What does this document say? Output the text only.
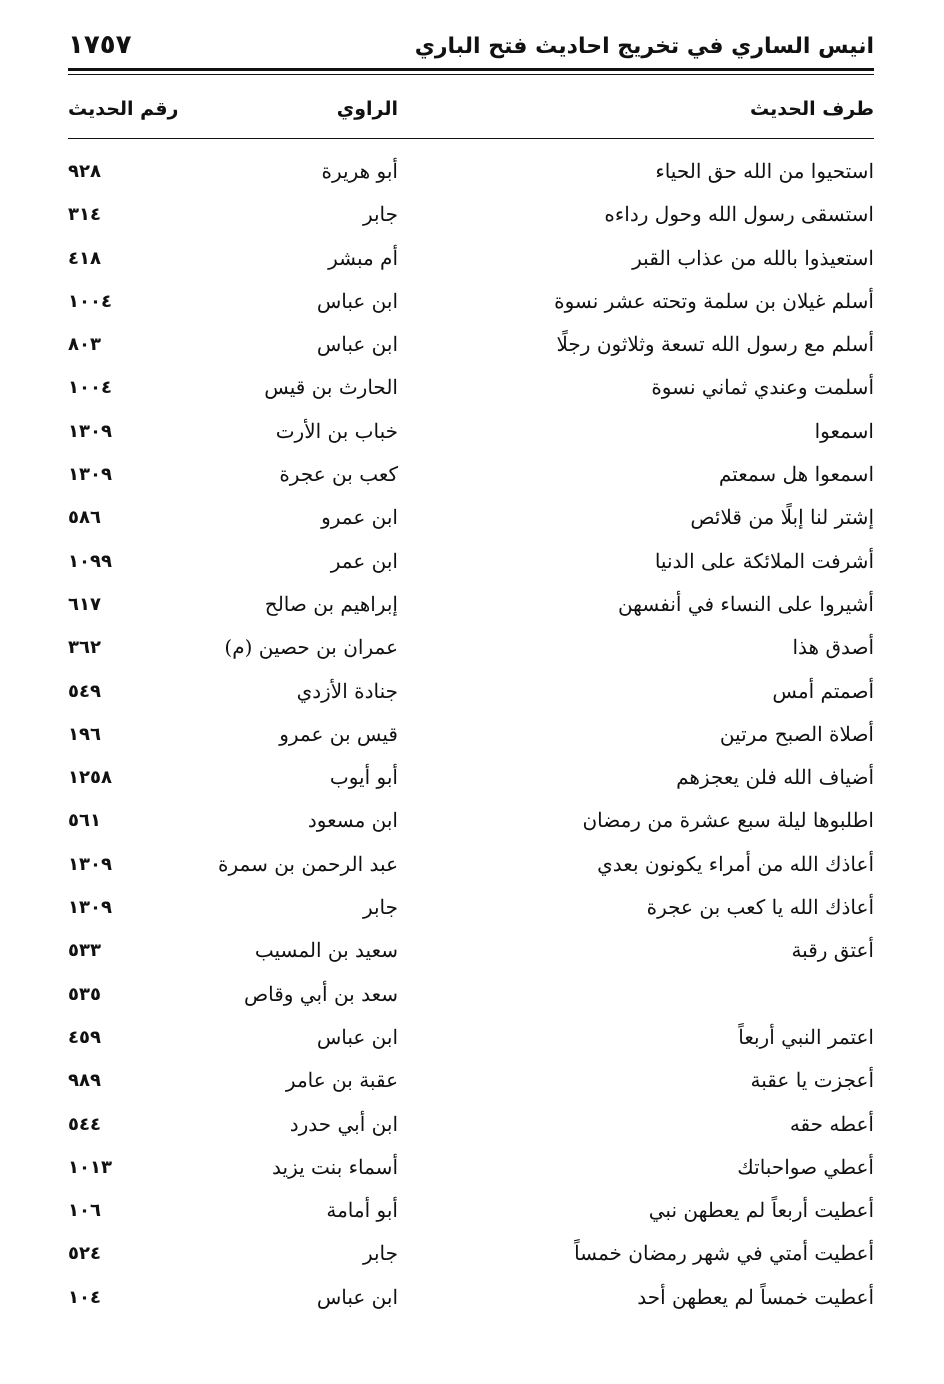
انيس الساري في تخريج احاديث فتح الباري
١٧٥٧
طرف الحديث
الراوي
رقم الحديث
استحيوا من الله حق الحياء
أبو هريرة
٩٢٨
استسقى رسول الله وحول رداءه
جابر
٣١٤
استعيذوا بالله من عذاب القبر
أم مبشر
٤١٨
أسلم غيلان بن سلمة وتحته عشر نسوة
ابن عباس
١٠٠٤
أسلم مع رسول الله تسعة وثلاثون رجلًا
ابن عباس
٨٠٣
أسلمت وعندي ثماني نسوة
الحارث بن قيس
١٠٠٤
اسمعوا
خباب بن الأرت
١٣٠٩
اسمعوا هل سمعتم
كعب بن عجرة
١٣٠٩
إشتر لنا إبلًا من قلائص
ابن عمرو
٥٨٦
أشرفت الملائكة على الدنيا
ابن عمر
١٠٩٩
أشيروا على النساء في أنفسهن
إبراهيم بن صالح
٦١٧
أصدق هذا
عمران بن حصين (م)
٣٦٢
أصمتم أمس
جنادة الأزدي
٥٤٩
أصلاة الصبح مرتين
قيس بن عمرو
١٩٦
أضياف الله فلن يعجزهم
أبو أيوب
١٢٥٨
اطلبوها ليلة سبع عشرة من رمضان
ابن مسعود
٥٦١
أعاذك الله من أمراء يكونون بعدي
عبد الرحمن بن سمرة
١٣٠٩
أعاذك الله يا كعب بن عجرة
جابر
١٣٠٩
أعتق رقبة
سعيد بن المسيب
٥٣٣
سعد بن أبي وقاص
٥٣٥
اعتمر النبي أربعاً
ابن عباس
٤٥٩
أعجزت يا عقبة
عقبة بن عامر
٩٨٩
أعطه حقه
ابن أبي حدرد
٥٤٤
أعطي صواحباتك
أسماء بنت يزيد
١٠١٣
أعطيت أربعاً لم يعطهن نبي
أبو أمامة
١٠٦
أعطيت أمتي في شهر رمضان خمساً
جابر
٥٢٤
أعطيت خمساً لم يعطهن أحد
ابن عباس
١٠٤
